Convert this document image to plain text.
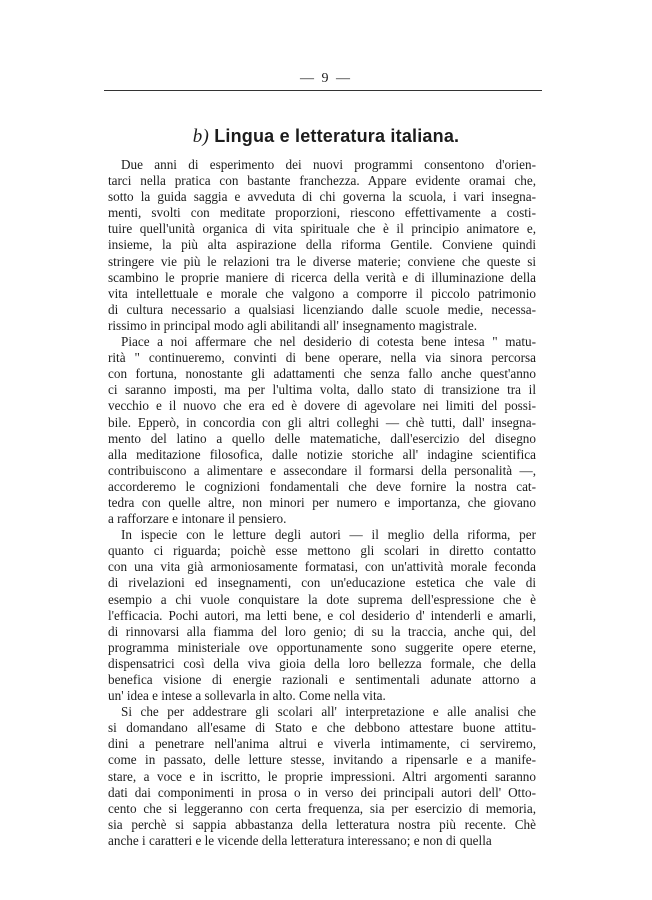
— 9 —
b) Lingua e letteratura italiana.
Due anni di esperimento dei nuovi programmi consentono d'orien-
tarci nella pratica con bastante franchezza. Appare evidente oramai che,
sotto la guida saggia e avveduta di chi governa la scuola, i vari insegna-
menti, svolti con meditate proporzioni, riescono effettivamente a costi-
tuire quell'unità organica di vita spirituale che è il principio animatore e,
insieme, la più alta aspirazione della riforma Gentile. Conviene quindi
stringere vie più le relazioni tra le diverse materie; conviene che queste si
scambino le proprie maniere di ricerca della verità e di illuminazione della
vita intellettuale e morale che valgono a comporre il piccolo patrimonio
di cultura necessario a qualsiasi licenziando dalle scuole medie, necessa-
rissimo in principal modo agli abilitandi all' insegnamento magistrale.
Piace a noi affermare che nel desiderio di cotesta bene intesa " matu-
rità " continueremo, convinti di bene operare, nella via sinora percorsa
con fortuna, nonostante gli adattamenti che senza fallo anche quest'anno
ci saranno imposti, ma per l'ultima volta, dallo stato di transizione tra il
vecchio e il nuovo che era ed è dovere di agevolare nei limiti del possi-
bile. Epperò, in concordia con gli altri colleghi — chè tutti, dall' insegna-
mento del latino a quello delle matematiche, dall'esercizio del disegno
alla meditazione filosofica, dalle notizie storiche all' indagine scientifica
contribuiscono a alimentare e assecondare il formarsi della personalità —,
accorderemo le cognizioni fondamentali che deve fornire la nostra cat-
tedra con quelle altre, non minori per numero e importanza, che giovano
a rafforzare e intonare il pensiero.
In ispecie con le letture degli autori — il meglio della riforma, per
quanto ci riguarda; poichè esse mettono gli scolari in diretto contatto
con una vita già armoniosamente formatasi, con un'attività morale feconda
di rivelazioni ed insegnamenti, con un'educazione estetica che vale di
esempio a chi vuole conquistare la dote suprema dell'espressione che è
l'efficacia. Pochi autori, ma letti bene, e col desiderio d' intenderli e amarli,
di rinnovarsi alla fiamma del loro genio; di su la traccia, anche qui, del
programma ministeriale ove opportunamente sono suggerite opere eterne,
dispensatrici così della viva gioia della loro bellezza formale, che della
benefica visione di energie razionali e sentimentali adunate attorno a
un' idea e intese a sollevarla in alto. Come nella vita.
Si che per addestrare gli scolari all' interpretazione e alle analisi che
si domandano all'esame di Stato e che debbono attestare buone attitu-
dini a penetrare nell'anima altrui e viverla intimamente, ci serviremo,
come in passato, delle letture stesse, invitando a ripensarle e a manife-
stare, a voce e in iscritto, le proprie impressioni. Altri argomenti saranno
dati dai componimenti in prosa o in verso dei principali autori dell' Otto-
cento che si leggeranno con certa frequenza, sia per esercizio di memoria,
sia perchè si sappia abbastanza della letteratura nostra più recente. Chè
anche i caratteri e le vicende della letteratura interessano; e non di quella
